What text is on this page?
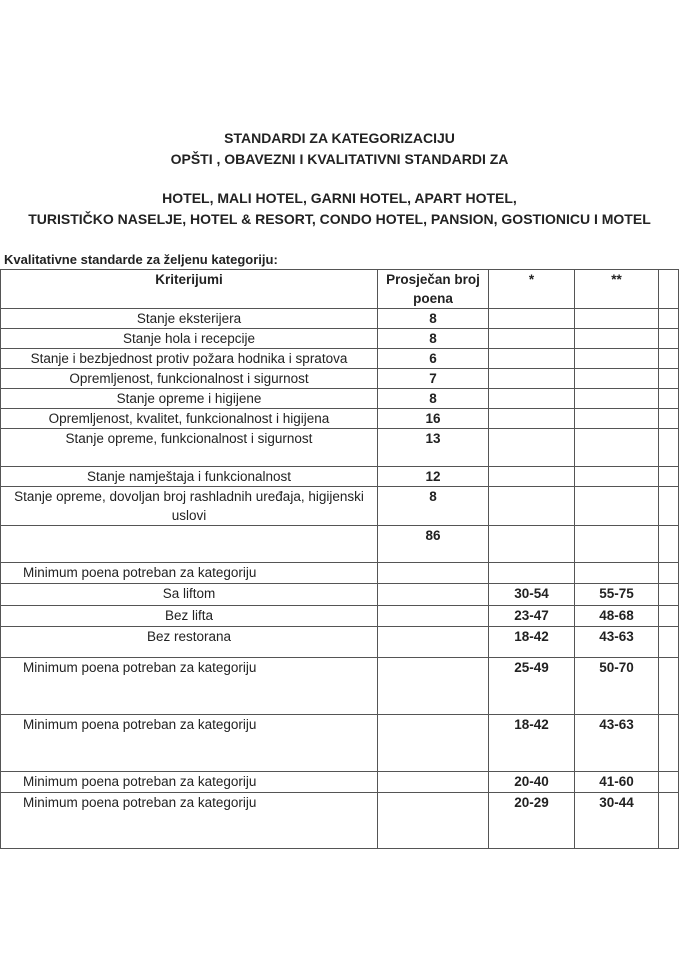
STANDARDI ZA KATEGORIZACIJU
OPŠTI , OBAVEZNI I KVALITATIVNI STANDARDI ZA
HOTEL, MALI HOTEL, GARNI HOTEL, APART HOTEL,
TURISTIČKO NASELJE, HOTEL & RESORT, CONDO HOTEL, PANSION, GOSTIONICU I MOTEL
Kvalitativne standarde za željenu kategoriju:
Kriterijumi	Prosječan broj poena	*	**	
Stanje eksterijera	8			
Stanje hola i recepcije	8			
Stanje i bezbjednost protiv požara hodnika i spratova	6			
Opremljenost, funkcionalnost i sigurnost	7			
Stanje opreme i higijene	8			
Opremljenost, kvalitet, funkcionalnost i higijena	16			
Stanje opreme, funkcionalnost i sigurnost	13			
Stanje namještaja i funkcionalnost	12			
Stanje opreme, dovoljan broj rashladnih uređaja, higijenski uslovi	8			
	86			
Minimum poena potreban za kategoriju				
Sa liftom		30-54	55-75	
Bez lifta		23-47	48-68	
Bez restorana		18-42	43-63	
Minimum poena potreban za kategoriju		25-49	50-70	
Minimum poena potreban za kategoriju		18-42	43-63	
Minimum poena potreban za kategoriju		20-40	41-60	
Minimum poena potreban za kategoriju		20-29	30-44	
